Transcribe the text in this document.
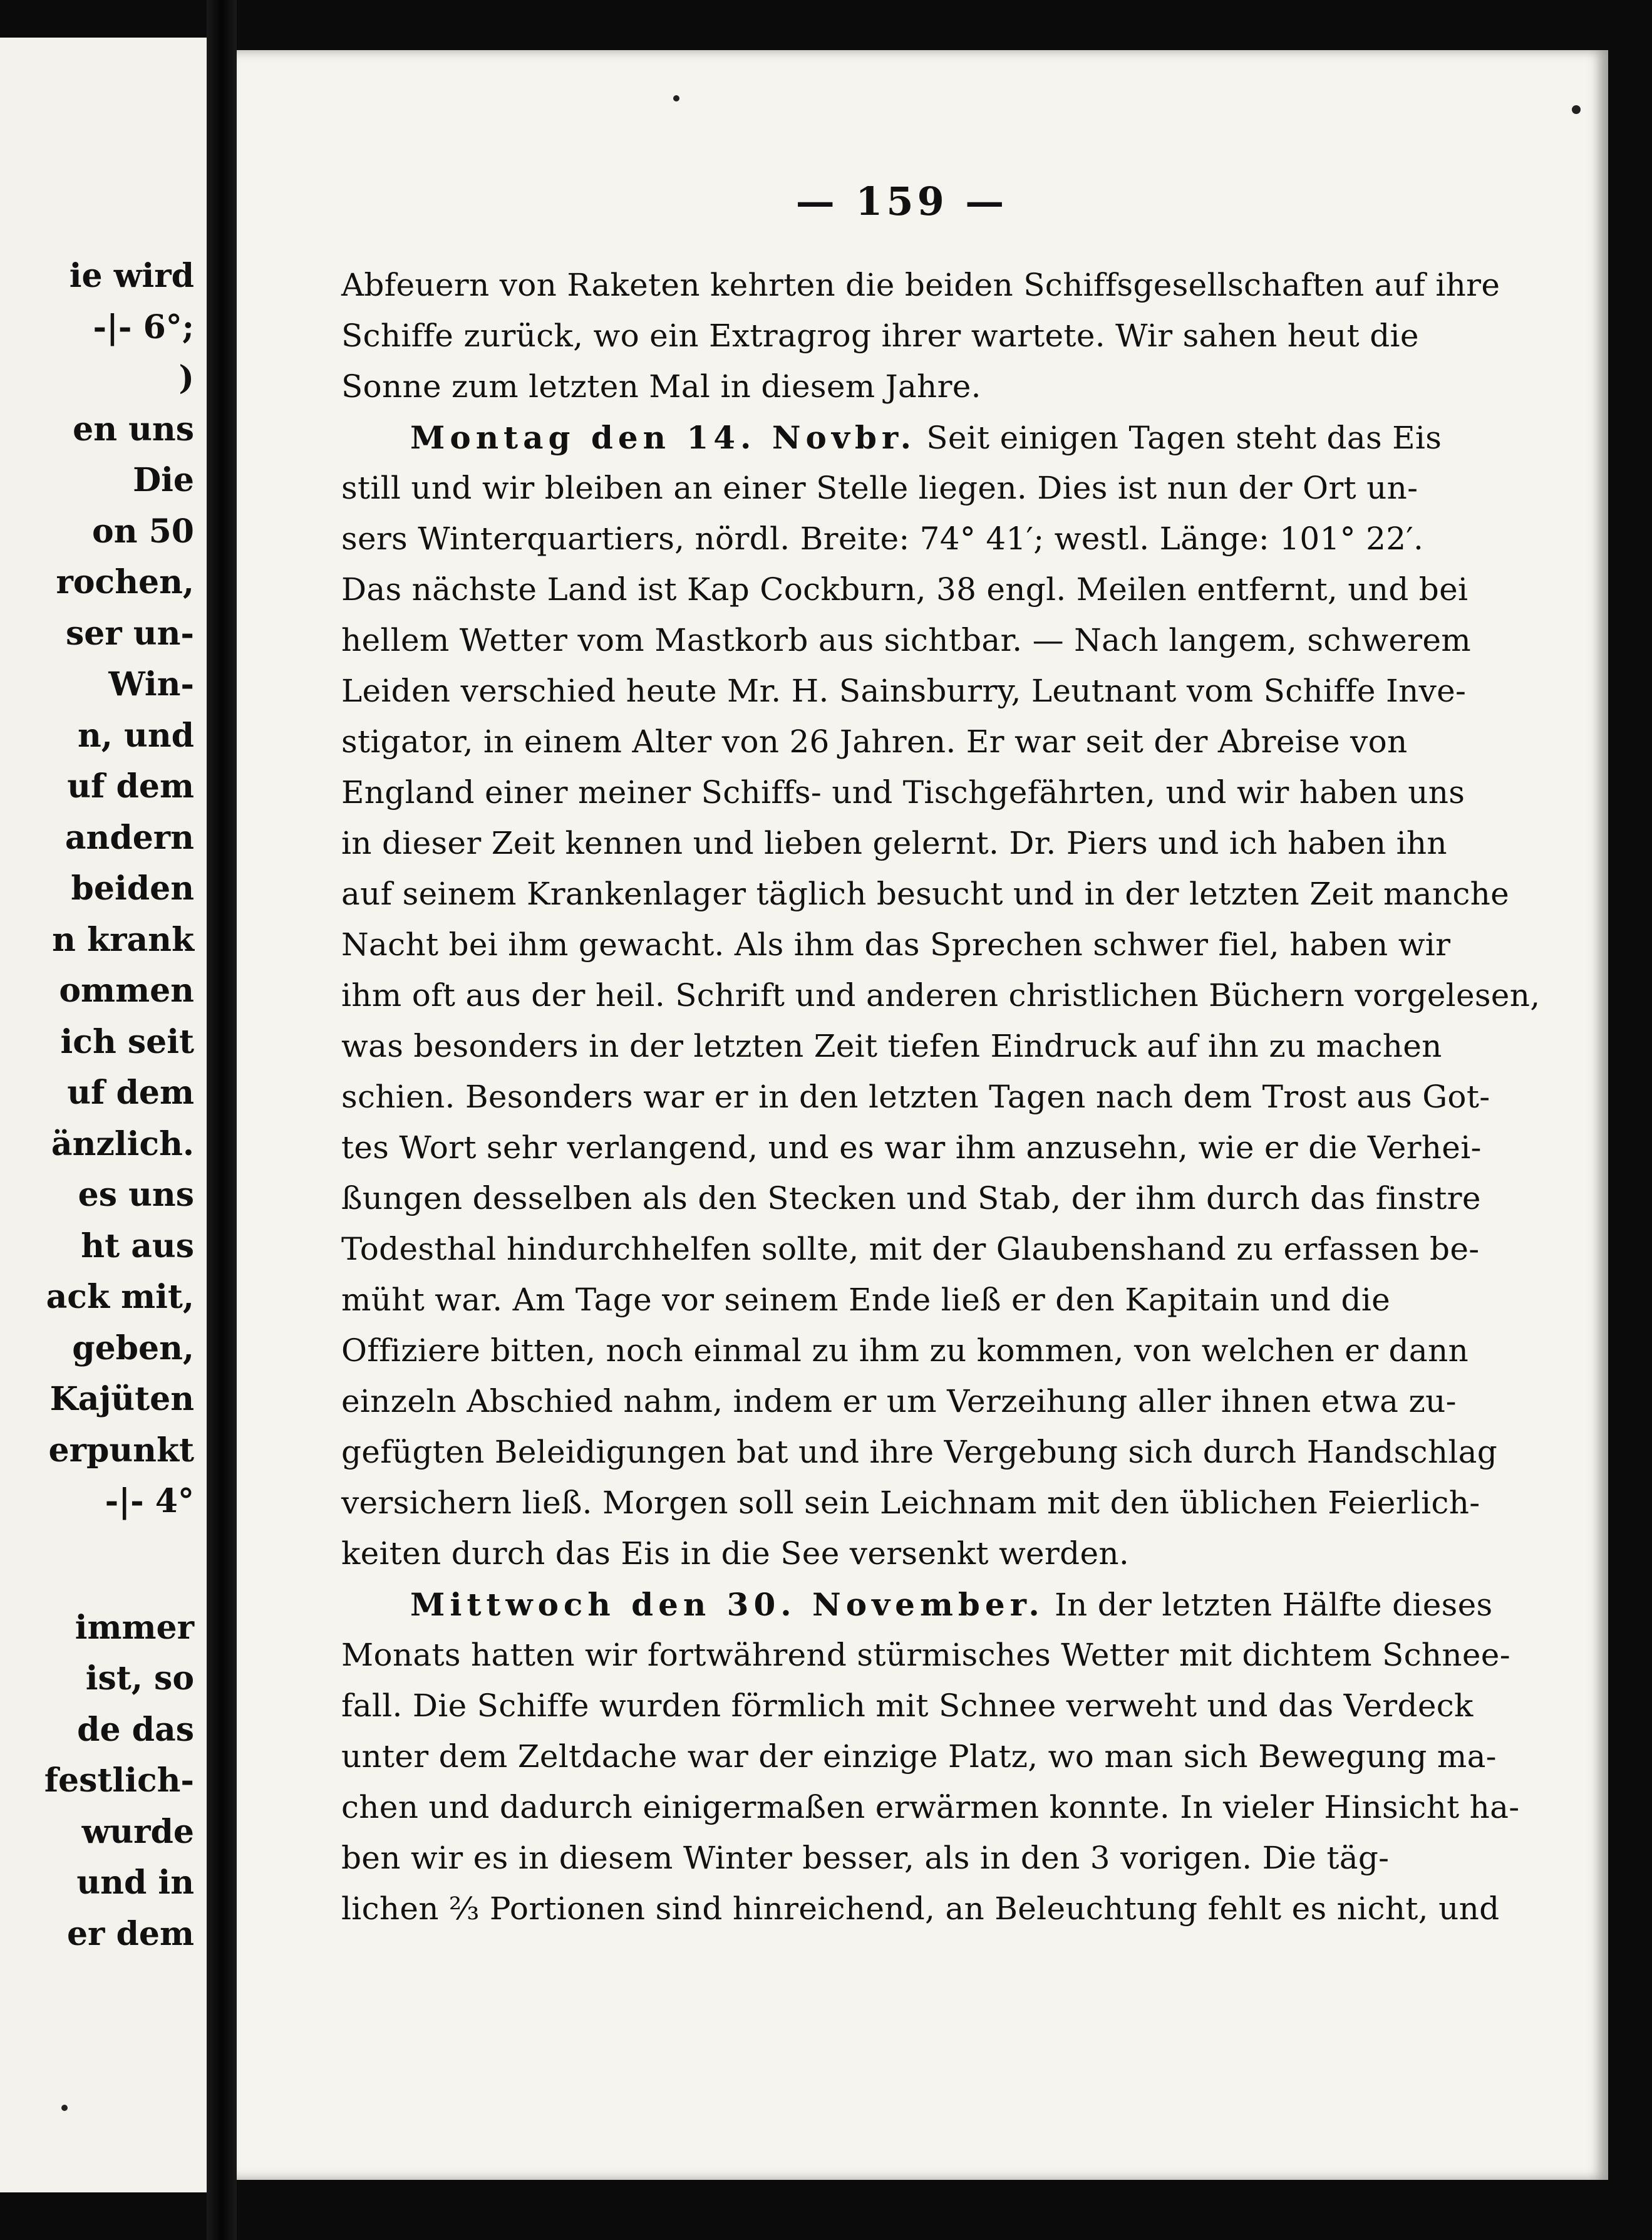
ie wird
-|- 6°;
)
en uns
Die
on 50
rochen,
ser un-
Win-
n, und
uf dem
andern
beiden
n krank
ommen
ich seit
uf dem
änzlich.
es uns
ht aus
ack mit,
geben,
Kajüten
erpunkt
-|- 4°
immer
ist, so
de das
festlich-
wurde
und in
er dem
— 159 —
Abfeuern von Raketen kehrten die beiden Schiffsgesellschaften auf ihre
Schiffe zurück, wo ein Extragrog ihrer wartete. Wir sahen heut die
Sonne zum letzten Mal in diesem Jahre.
Montag den 14. Novbr. Seit einigen Tagen steht das Eis
still und wir bleiben an einer Stelle liegen. Dies ist nun der Ort un-
sers Winterquartiers, nördl. Breite: 74° 41′; westl. Länge: 101° 22′.
Das nächste Land ist Kap Cockburn, 38 engl. Meilen entfernt, und bei
hellem Wetter vom Mastkorb aus sichtbar. — Nach langem, schwerem
Leiden verschied heute Mr. H. Sainsburry, Leutnant vom Schiffe Inve-
stigator, in einem Alter von 26 Jahren. Er war seit der Abreise von
England einer meiner Schiffs- und Tischgefährten, und wir haben uns
in dieser Zeit kennen und lieben gelernt. Dr. Piers und ich haben ihn
auf seinem Krankenlager täglich besucht und in der letzten Zeit manche
Nacht bei ihm gewacht. Als ihm das Sprechen schwer fiel, haben wir
ihm oft aus der heil. Schrift und anderen christlichen Büchern vorgelesen,
was besonders in der letzten Zeit tiefen Eindruck auf ihn zu machen
schien. Besonders war er in den letzten Tagen nach dem Trost aus Got-
tes Wort sehr verlangend, und es war ihm anzusehn, wie er die Verhei-
ßungen desselben als den Stecken und Stab, der ihm durch das finstre
Todesthal hindurchhelfen sollte, mit der Glaubenshand zu erfassen be-
müht war. Am Tage vor seinem Ende ließ er den Kapitain und die
Offiziere bitten, noch einmal zu ihm zu kommen, von welchen er dann
einzeln Abschied nahm, indem er um Verzeihung aller ihnen etwa zu-
gefügten Beleidigungen bat und ihre Vergebung sich durch Handschlag
versichern ließ. Morgen soll sein Leichnam mit den üblichen Feierlich-
keiten durch das Eis in die See versenkt werden.
Mittwoch den 30. November. In der letzten Hälfte dieses
Monats hatten wir fortwährend stürmisches Wetter mit dichtem Schnee-
fall. Die Schiffe wurden förmlich mit Schnee verweht und das Verdeck
unter dem Zeltdache war der einzige Platz, wo man sich Bewegung ma-
chen und dadurch einigermaßen erwärmen konnte. In vieler Hinsicht ha-
ben wir es in diesem Winter besser, als in den 3 vorigen. Die täg-
lichen ⅔ Portionen sind hinreichend, an Beleuchtung fehlt es nicht, und
